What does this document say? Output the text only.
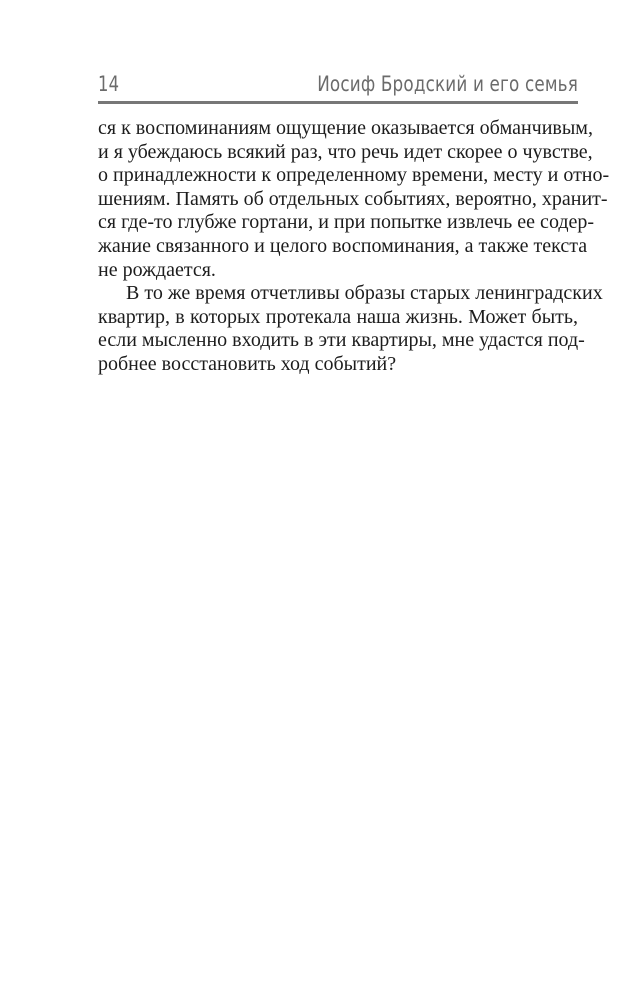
14	Иосиф Бродский и его семья

ся к воспоминаниям ощущение оказывается обманчивым,
и я убеждаюсь всякий раз, что речь идет скорее о чувстве,
о принадлежности к определенному времени, месту и отно-
шениям. Память об отдельных событиях, вероятно, хранит-
ся где-то глубже гортани, и при попытке извлечь ее содер-
жание связанного и целого воспоминания, а также текста
не рождается.

В то же время отчетливы образы старых ленинградских
квартир, в которых протекала наша жизнь. Может быть,
если мысленно входить в эти квартиры, мне удастся под-
робнее восстановить ход событий?
